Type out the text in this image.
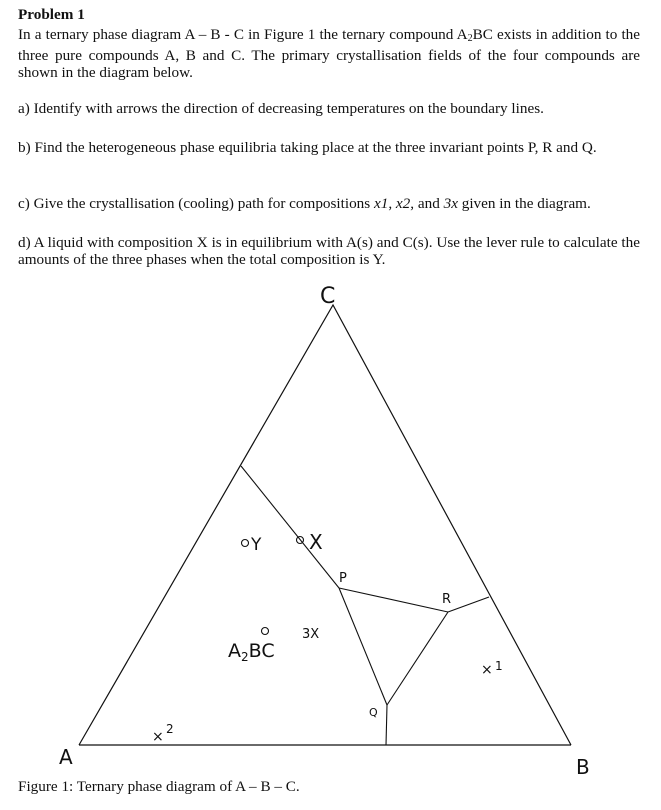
Problem 1
In a ternary phase diagram A – B - C in Figure 1 the ternary compound $A_2BC$ exists in addition to the three pure compounds A, B and C. The primary crystallisation fields of the four compounds are shown in the diagram below.
a) Identify with arrows the direction of decreasing temperatures on the boundary lines.
b) Find the heterogeneous phase equilibria taking place at the three invariant points P, R and Q.
c) Give the crystallisation (cooling) path for compositions x1, x2, and 3x given in the diagram.
d) A liquid with composition X is in equilibrium with A(s) and C(s). Use the lever rule to calculate the amounts of the three phases when the total composition is Y.
Y X
P
R
Q
$A_2BC$
3X
× 1
× 2
C
A	B
Figure 1: Ternary phase diagram of A – B – C.
